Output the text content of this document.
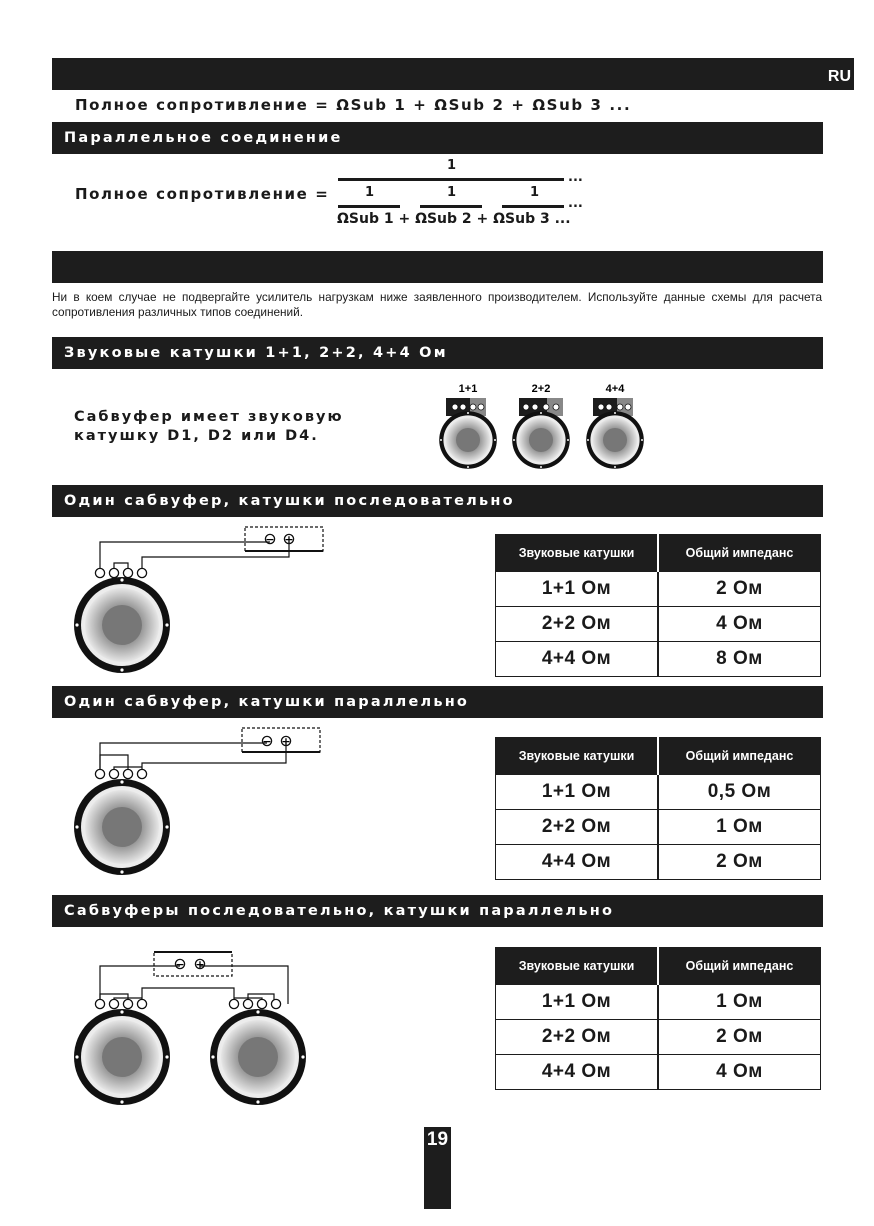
RU
Полное сопротивление = ΩSub 1 + ΩSub 2 + ΩSub 3 ...
Параллельное соединение
Полное сопротивление =
1
...
1	1	1
...
ΩSub 1 + ΩSub 2 + ΩSub 3 ...
Ни в коем случае не подвергайте усилитель нагрузкам ниже заявленного производителем. Используйте данные схемы для расчета сопротивления различных типов соединений.
Звуковые катушки 1+1, 2+2, 4+4 Ом
Сабвуфер имеет звуковую
катушку D1, D2 или D4.
1+1	2+2	4+4
Один сабвуфер, катушки последовательно
− +
Звуковые катушки	Общий импеданс
1+1 Ом	2 Ом
2+2 Ом	4 Ом
4+4 Ом	8 Ом
Один сабвуфер, катушки параллельно
− +
Звуковые катушки	Общий импеданс
1+1 Ом	0,5 Ом
2+2 Ом	1 Ом
4+4 Ом	2 Ом
Сабвуферы последовательно, катушки параллельно
− +	Звуковые катушки	Общий импеданс
1+1 Ом	1 Ом
2+2 Ом	2 Ом
4+4 Ом	4 Ом
19
